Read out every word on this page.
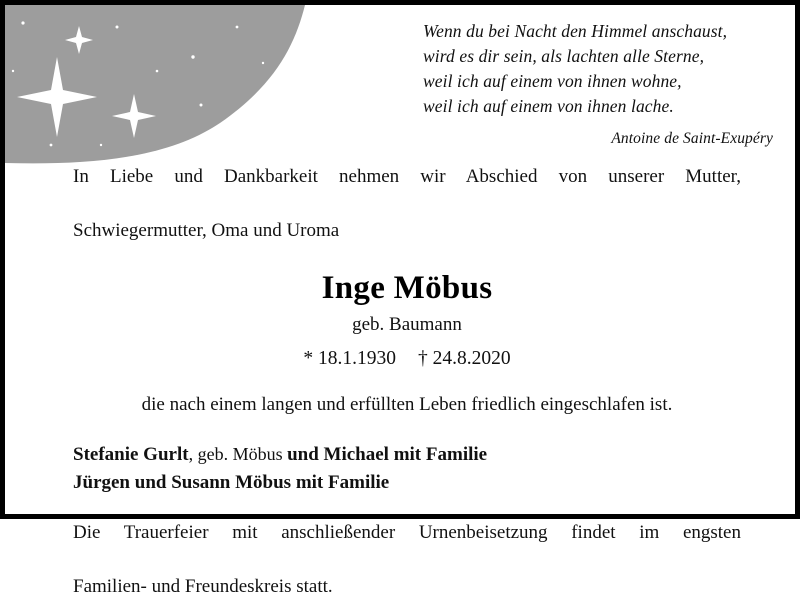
Wenn du bei Nacht den Himmel anschaust,
wird es dir sein, als lachten alle Sterne,
weil ich auf einem von ihnen wohne,
weil ich auf einem von ihnen lache.
Antoine de Saint-Exupéry
In Liebe und Dankbarkeit nehmen wir Abschied von unserer Mutter,
Schwiegermutter, Oma und Uroma
Inge Möbus
geb. Baumann
* 18.1.1930 † 24.8.2020
die nach einem langen und erfüllten Leben friedlich eingeschlafen ist.
Stefanie Gurlt, geb. Möbus und Michael mit Familie
Jürgen und Susann Möbus mit Familie
Die Trauerfeier mit anschließender Urnenbeisetzung findet im engsten
Familien- und Freundeskreis statt.
